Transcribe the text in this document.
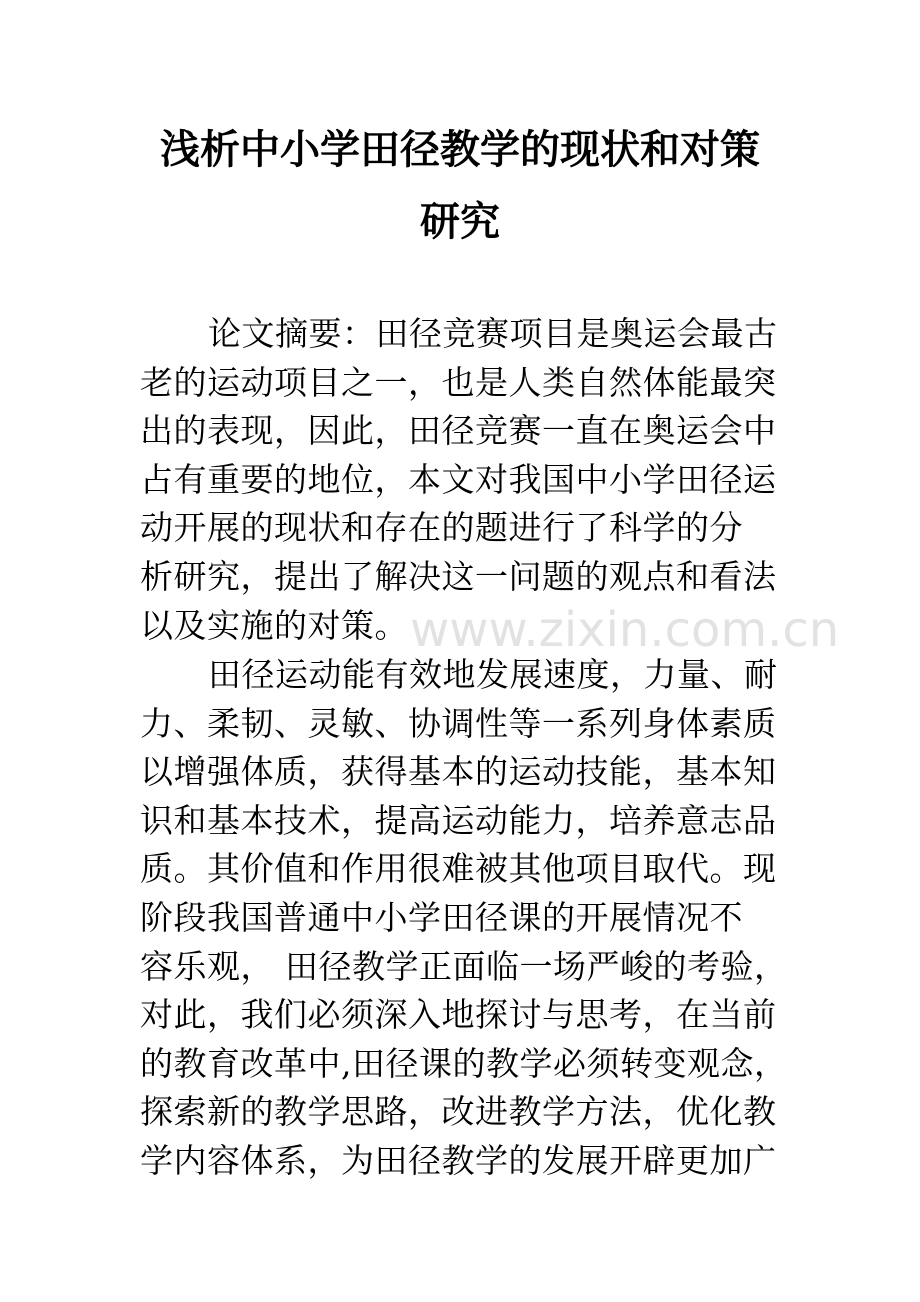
浅析中小学田径教学的现状和对策
研究
论文摘要：田径竞赛项目是奥运会最古
老的运动项目之一，也是人类自然体能最突
出的表现，因此，田径竞赛一直在奥运会中
占有重要的地位，本文对我国中小学田径运
动开展的现状和存在的题进行了科学的分
析研究，提出了解决这一问题的观点和看法
以及实施的对策。
田径运动能有效地发展速度，力量、耐
力、柔韧、灵敏、协调性等一系列身体素质
以增强体质，获得基本的运动技能，基本知
识和基本技术，提高运动能力，培养意志品
质。其价值和作用很难被其他项目取代。现
阶段我国普通中小学田径课的开展情况不
容乐观， 田径教学正面临一场严峻的考验，
对此，我们必须深入地探讨与思考，在当前
的教育改革中,田径课的教学必须转变观念，
探索新的教学思路，改进教学方法，优化教
学内容体系，为田径教学的发展开辟更加广
www.zixin.com.cn
